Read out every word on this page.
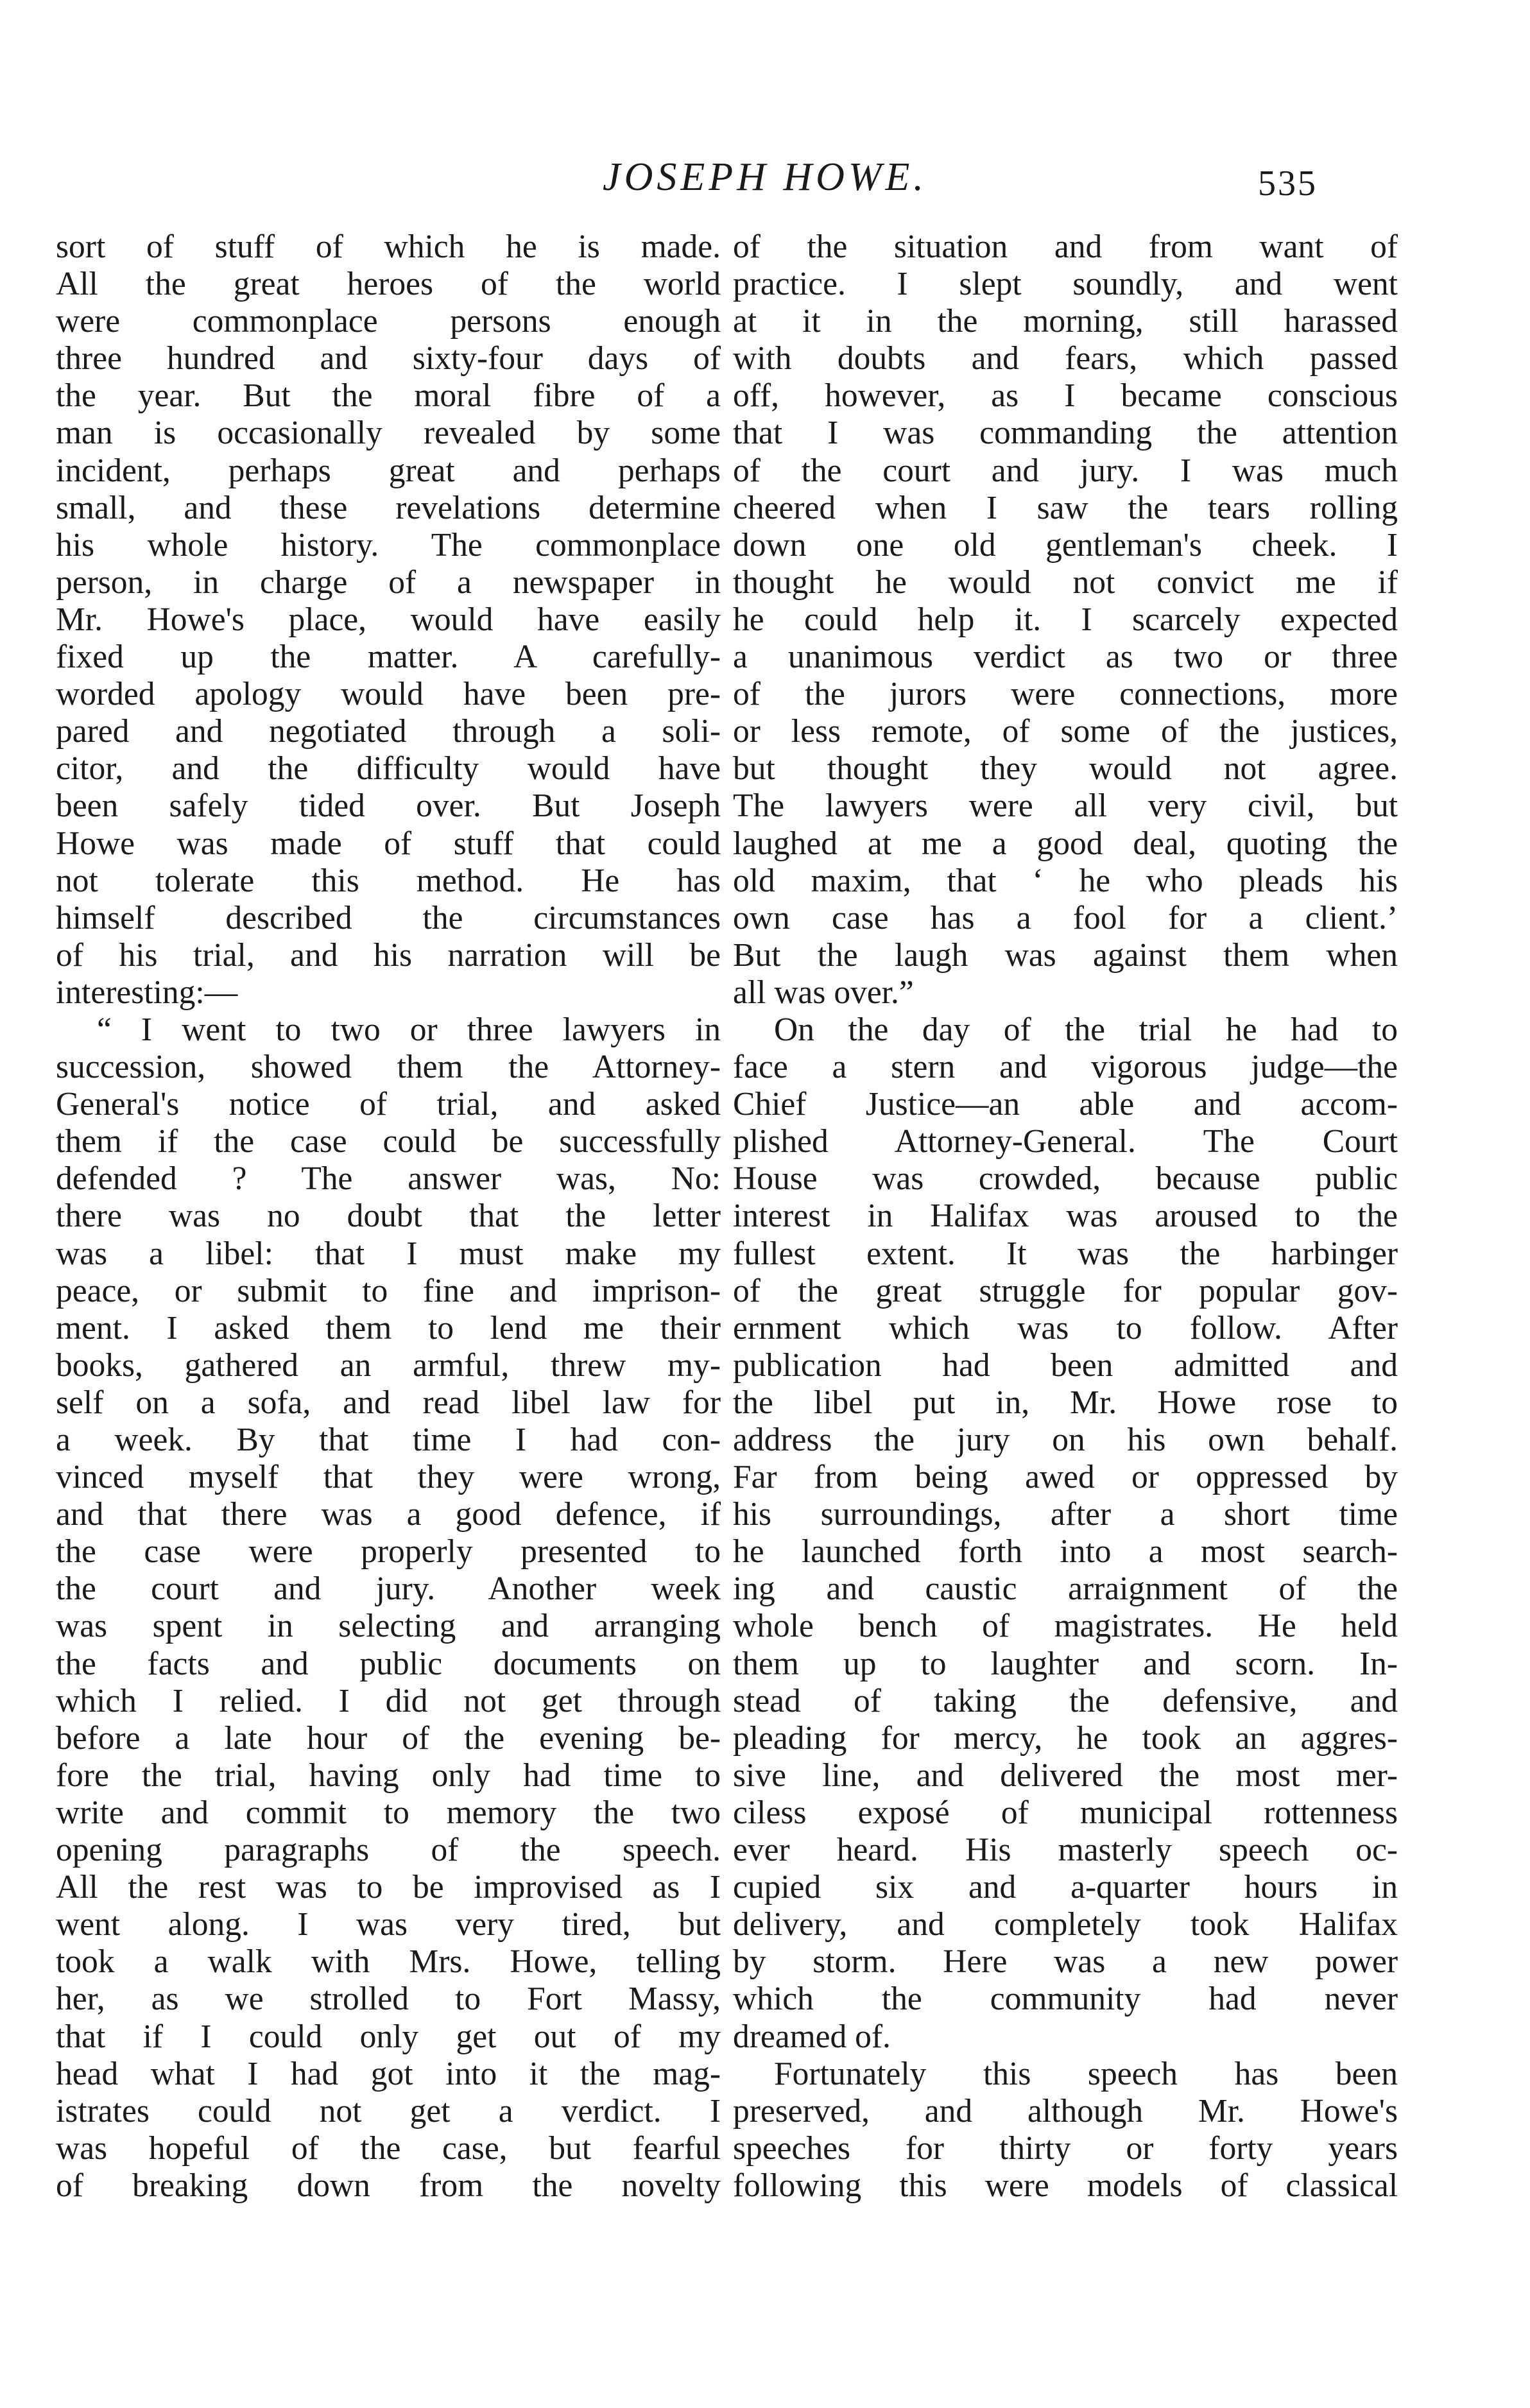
JOSEPH HOWE.	535
sort of stuff of which he is made.
All the great heroes of the world
were commonplace persons enough
three hundred and sixty-four days of
the year. But the moral fibre of a
man is occasionally revealed by some
incident, perhaps great and perhaps
small, and these revelations determine
his whole history. The commonplace
person, in charge of a newspaper in
Mr. Howe's place, would have easily
fixed up the matter. A carefully-
worded apology would have been pre-
pared and negotiated through a soli-
citor, and the difficulty would have
been safely tided over. But Joseph
Howe was made of stuff that could
not tolerate this method. He has
himself described the circumstances
of his trial, and his narration will be
interesting:—
“ I went to two or three lawyers in
succession, showed them the Attorney-
General's notice of trial, and asked
them if the case could be successfully
defended ? The answer was, No:
there was no doubt that the letter
was a libel: that I must make my
peace, or submit to fine and imprison-
ment. I asked them to lend me their
books, gathered an armful, threw my-
self on a sofa, and read libel law for
a week. By that time I had con-
vinced myself that they were wrong,
and that there was a good defence, if
the case were properly presented to
the court and jury. Another week
was spent in selecting and arranging
the facts and public documents on
which I relied. I did not get through
before a late hour of the evening be-
fore the trial, having only had time to
write and commit to memory the two
opening paragraphs of the speech.
All the rest was to be improvised as I
went along. I was very tired, but
took a walk with Mrs. Howe, telling
her, as we strolled to Fort Massy,
that if I could only get out of my
head what I had got into it the mag-
istrates could not get a verdict. I
was hopeful of the case, but fearful
of breaking down from the novelty
of the situation and from want of
practice. I slept soundly, and went
at it in the morning, still harassed
with doubts and fears, which passed
off, however, as I became conscious
that I was commanding the attention
of the court and jury. I was much
cheered when I saw the tears rolling
down one old gentleman's cheek. I
thought he would not convict me if
he could help it. I scarcely expected
a unanimous verdict as two or three
of the jurors were connections, more
or less remote, of some of the justices,
but thought they would not agree.
The lawyers were all very civil, but
laughed at me a good deal, quoting the
old maxim, that ‘ he who pleads his
own case has a fool for a client.’
But the laugh was against them when
all was over.”
On the day of the trial he had to
face a stern and vigorous judge—the
Chief Justice—an able and accom-
plished Attorney-General. The Court
House was crowded, because public
interest in Halifax was aroused to the
fullest extent. It was the harbinger
of the great struggle for popular gov-
ernment which was to follow. After
publication had been admitted and
the libel put in, Mr. Howe rose to
address the jury on his own behalf.
Far from being awed or oppressed by
his surroundings, after a short time
he launched forth into a most search-
ing and caustic arraignment of the
whole bench of magistrates. He held
them up to laughter and scorn. In-
stead of taking the defensive, and
pleading for mercy, he took an aggres-
sive line, and delivered the most mer-
ciless exposé of municipal rottenness
ever heard. His masterly speech oc-
cupied six and a-quarter hours in
delivery, and completely took Halifax
by storm. Here was a new power
which the community had never
dreamed of.
Fortunately this speech has been
preserved, and although Mr. Howe's
speeches for thirty or forty years
following this were models of classical
